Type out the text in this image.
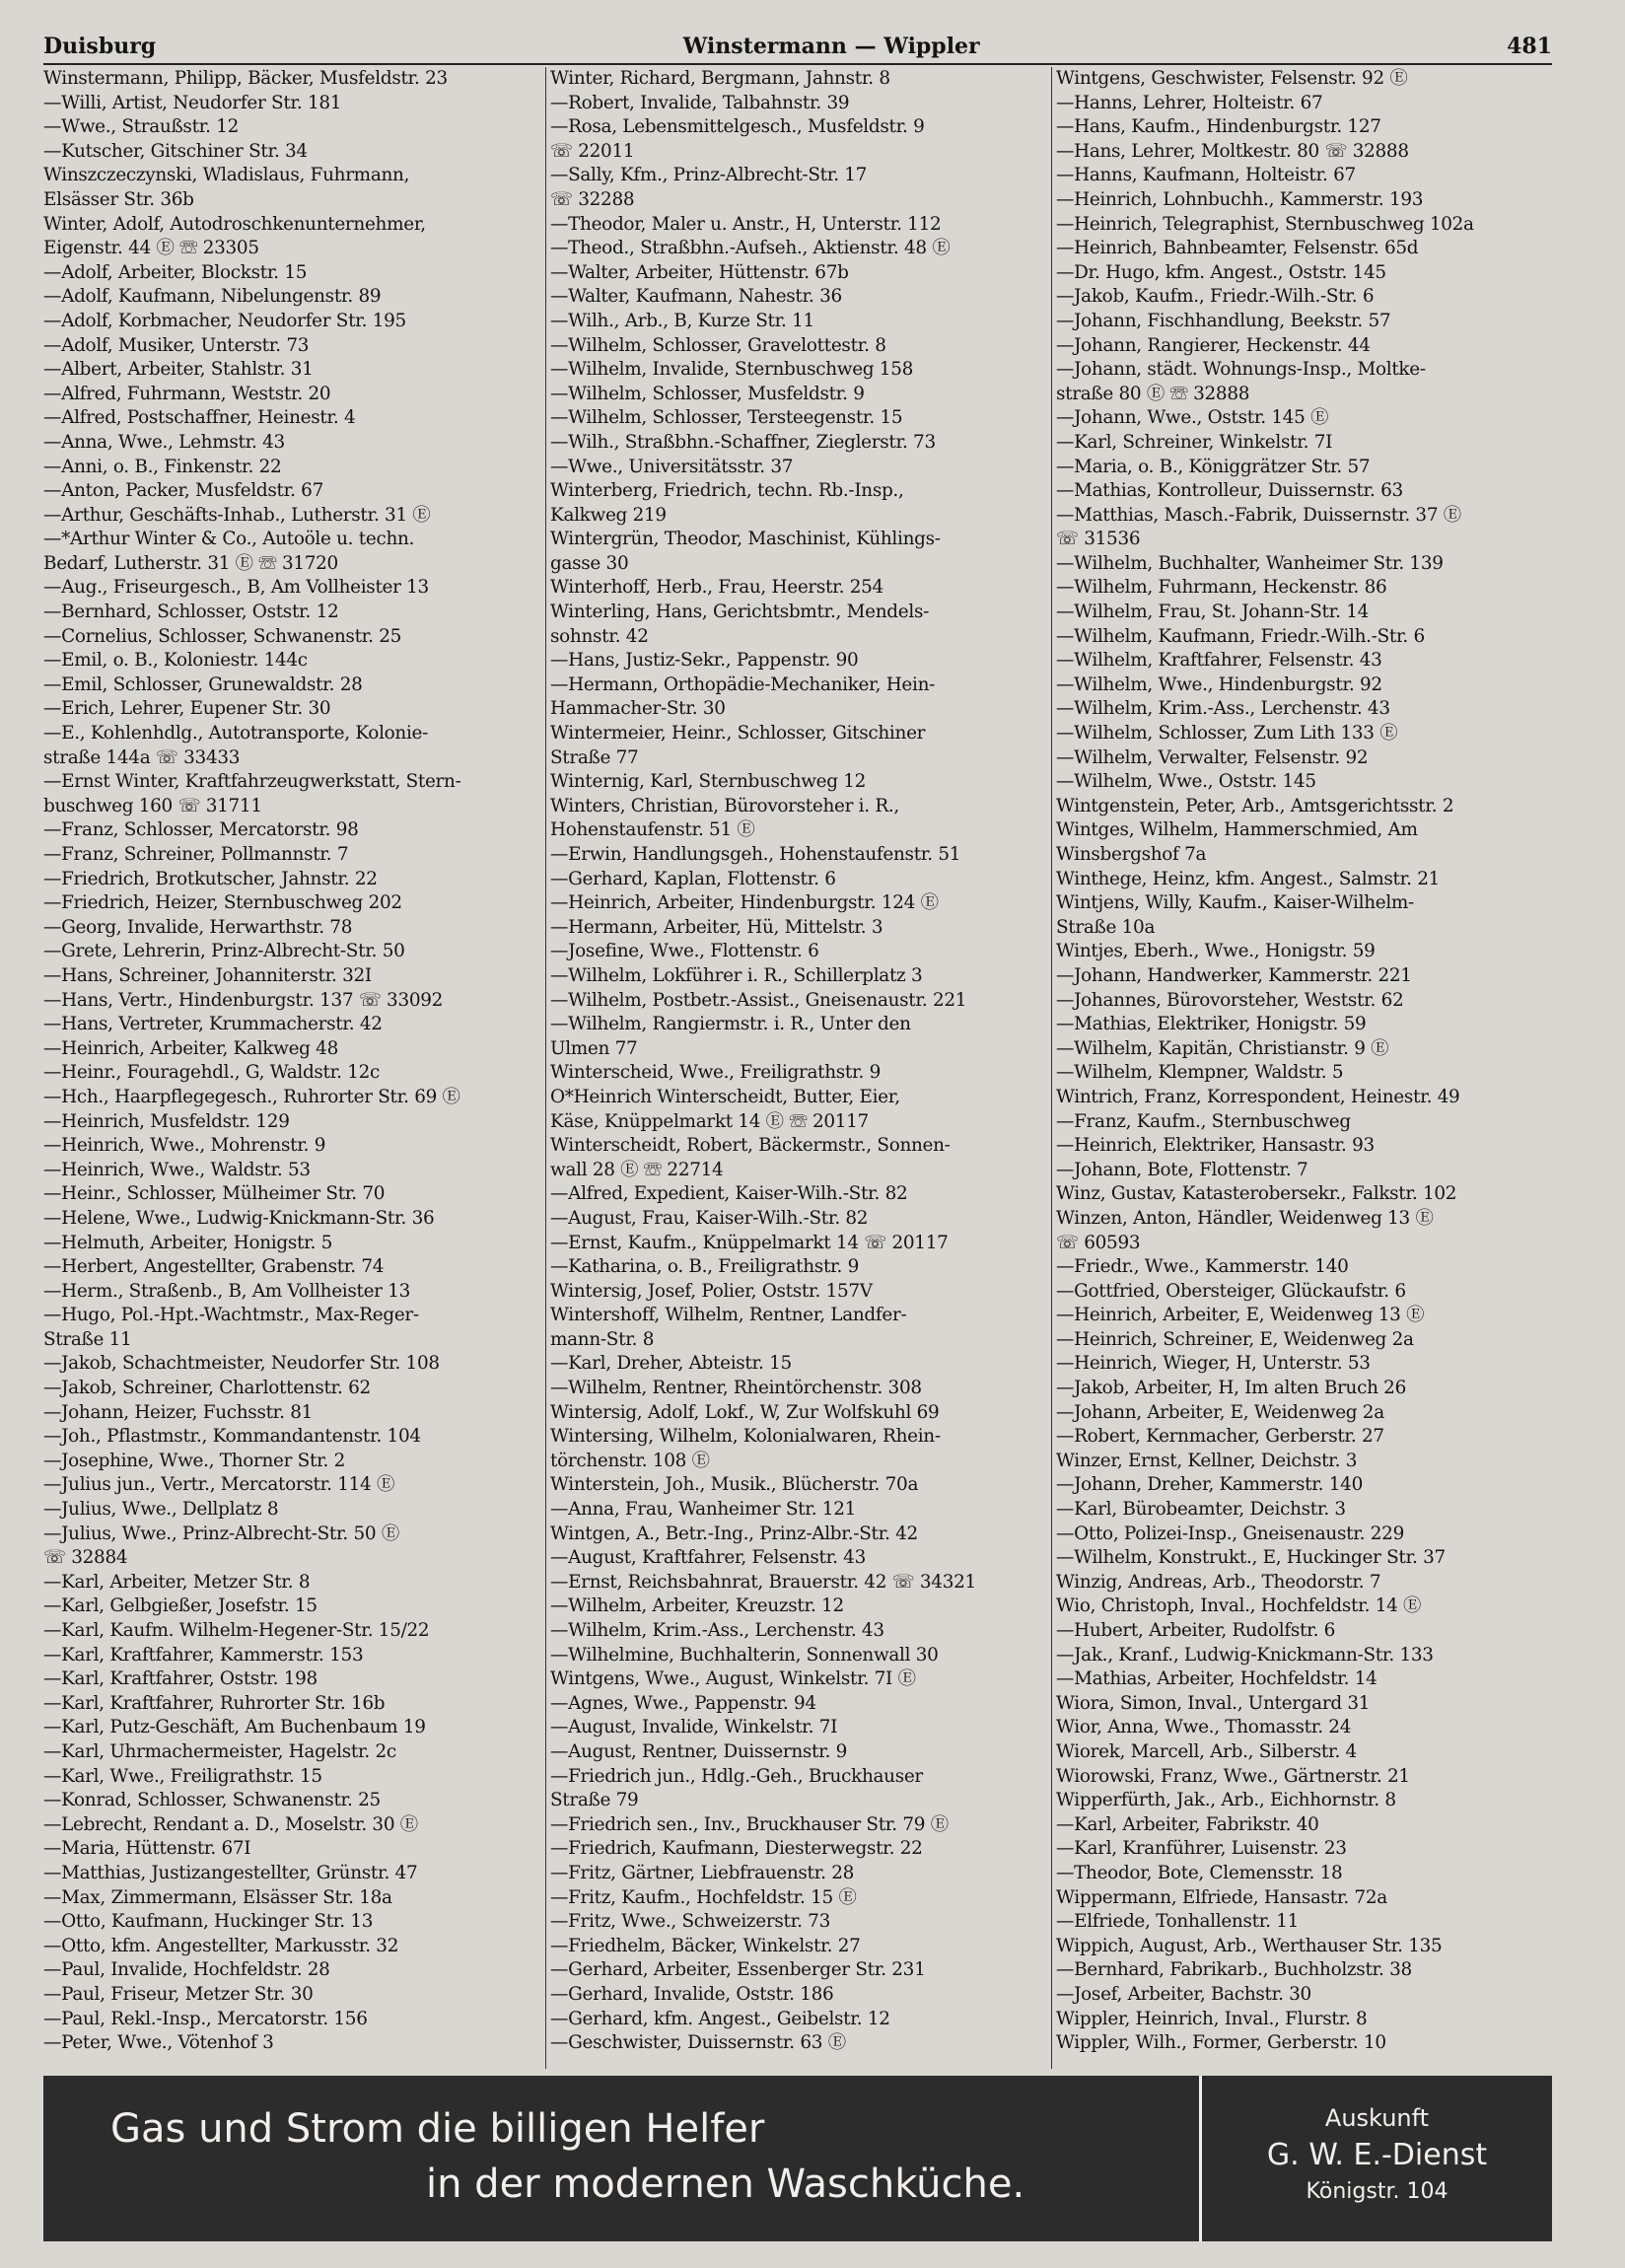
Duisburg	Winstermann — Wippler	481
Winstermann, Philipp, Bäcker, Musfeldstr. 23
—Willi, Artist, Neudorfer Str. 181
—Wwe., Straußstr. 12
—Kutscher, Gitschiner Str. 34
Winszczeczynski, Wladislaus, Fuhrmann,
Elsässer Str. 36b
Winter, Adolf, Autodroschkenunternehmer,
Eigenstr. 44 Ⓔ ☏ 23305
—Adolf, Arbeiter, Blockstr. 15
—Adolf, Kaufmann, Nibelungenstr. 89
—Adolf, Korbmacher, Neudorfer Str. 195
—Adolf, Musiker, Unterstr. 73
—Albert, Arbeiter, Stahlstr. 31
—Alfred, Fuhrmann, Weststr. 20
—Alfred, Postschaffner, Heinestr. 4
—Anna, Wwe., Lehmstr. 43
—Anni, o. B., Finkenstr. 22
—Anton, Packer, Musfeldstr. 67
—Arthur, Geschäfts-Inhab., Lutherstr. 31 Ⓔ
—*Arthur Winter & Co., Autoöle u. techn.
Bedarf, Lutherstr. 31 Ⓔ ☏ 31720
—Aug., Friseurgesch., B, Am Vollheister 13
—Bernhard, Schlosser, Oststr. 12
—Cornelius, Schlosser, Schwanenstr. 25
—Emil, o. B., Koloniestr. 144c
—Emil, Schlosser, Grunewaldstr. 28
—Erich, Lehrer, Eupener Str. 30
—E., Kohlenhdlg., Autotransporte, Kolonie-
straße 144a ☏ 33433
—Ernst Winter, Kraftfahrzeugwerkstatt, Stern-
buschweg 160 ☏ 31711
—Franz, Schlosser, Mercatorstr. 98
—Franz, Schreiner, Pollmannstr. 7
—Friedrich, Brotkutscher, Jahnstr. 22
—Friedrich, Heizer, Sternbuschweg 202
—Georg, Invalide, Herwarthstr. 78
—Grete, Lehrerin, Prinz-Albrecht-Str. 50
—Hans, Schreiner, Johanniterstr. 32I
—Hans, Vertr., Hindenburgstr. 137 ☏ 33092
—Hans, Vertreter, Krummacherstr. 42
—Heinrich, Arbeiter, Kalkweg 48
—Heinr., Fouragehdl., G, Waldstr. 12c
—Hch., Haarpflegegesch., Ruhrorter Str. 69 Ⓔ
—Heinrich, Musfeldstr. 129
—Heinrich, Wwe., Mohrenstr. 9
—Heinrich, Wwe., Waldstr. 53
—Heinr., Schlosser, Mülheimer Str. 70
—Helene, Wwe., Ludwig-Knickmann-Str. 36
—Helmuth, Arbeiter, Honigstr. 5
—Herbert, Angestellter, Grabenstr. 74
—Herm., Straßenb., B, Am Vollheister 13
—Hugo, Pol.-Hpt.-Wachtmstr., Max-Reger-
Straße 11
—Jakob, Schachtmeister, Neudorfer Str. 108
—Jakob, Schreiner, Charlottenstr. 62
—Johann, Heizer, Fuchsstr. 81
—Joh., Pflastmstr., Kommandantenstr. 104
—Josephine, Wwe., Thorner Str. 2
—Julius jun., Vertr., Mercatorstr. 114 Ⓔ
—Julius, Wwe., Dellplatz 8
—Julius, Wwe., Prinz-Albrecht-Str. 50 Ⓔ
☏ 32884
—Karl, Arbeiter, Metzer Str. 8
—Karl, Gelbgießer, Josefstr. 15
—Karl, Kaufm. Wilhelm-Hegener-Str. 15/22
—Karl, Kraftfahrer, Kammerstr. 153
—Karl, Kraftfahrer, Oststr. 198
—Karl, Kraftfahrer, Ruhrorter Str. 16b
—Karl, Putz-Geschäft, Am Buchenbaum 19
—Karl, Uhrmachermeister, Hagelstr. 2c
—Karl, Wwe., Freiligrathstr. 15
—Konrad, Schlosser, Schwanenstr. 25
—Lebrecht, Rendant a. D., Moselstr. 30 Ⓔ
—Maria, Hüttenstr. 67I
—Matthias, Justizangestellter, Grünstr. 47
—Max, Zimmermann, Elsässer Str. 18a
—Otto, Kaufmann, Huckinger Str. 13
—Otto, kfm. Angestellter, Markusstr. 32
—Paul, Invalide, Hochfeldstr. 28
—Paul, Friseur, Metzer Str. 30
—Paul, Rekl.-Insp., Mercatorstr. 156
—Peter, Wwe., Vötenhof 3
Winter, Richard, Bergmann, Jahnstr. 8
—Robert, Invalide, Talbahnstr. 39
—Rosa, Lebensmittelgesch., Musfeldstr. 9
☏ 22011
—Sally, Kfm., Prinz-Albrecht-Str. 17
☏ 32288
—Theodor, Maler u. Anstr., H, Unterstr. 112
—Theod., Straßbhn.-Aufseh., Aktienstr. 48 Ⓔ
—Walter, Arbeiter, Hüttenstr. 67b
—Walter, Kaufmann, Nahestr. 36
—Wilh., Arb., B, Kurze Str. 11
—Wilhelm, Schlosser, Gravelottestr. 8
—Wilhelm, Invalide, Sternbuschweg 158
—Wilhelm, Schlosser, Musfeldstr. 9
—Wilhelm, Schlosser, Tersteegenstr. 15
—Wilh., Straßbhn.-Schaffner, Zieglerstr. 73
—Wwe., Universitätsstr. 37
Winterberg, Friedrich, techn. Rb.-Insp.,
Kalkweg 219
Wintergrün, Theodor, Maschinist, Kühlings-
gasse 30
Winterhoff, Herb., Frau, Heerstr. 254
Winterling, Hans, Gerichtsbmtr., Mendels-
sohnstr. 42
—Hans, Justiz-Sekr., Pappenstr. 90
—Hermann, Orthopädie-Mechaniker, Hein-
Hammacher-Str. 30
Wintermeier, Heinr., Schlosser, Gitschiner
Straße 77
Winternig, Karl, Sternbuschweg 12
Winters, Christian, Bürovorsteher i. R.,
Hohenstaufenstr. 51 Ⓔ
—Erwin, Handlungsgeh., Hohenstaufenstr. 51
—Gerhard, Kaplan, Flottenstr. 6
—Heinrich, Arbeiter, Hindenburgstr. 124 Ⓔ
—Hermann, Arbeiter, Hü, Mittelstr. 3
—Josefine, Wwe., Flottenstr. 6
—Wilhelm, Lokführer i. R., Schillerplatz 3
—Wilhelm, Postbetr.-Assist., Gneisenaustr. 221
—Wilhelm, Rangiermstr. i. R., Unter den
Ulmen 77
Winterscheid, Wwe., Freiligrathstr. 9
O*Heinrich Winterscheidt, Butter, Eier,
Käse, Knüppelmarkt 14 Ⓔ ☏ 20117
Winterscheidt, Robert, Bäckermstr., Sonnen-
wall 28 Ⓔ ☏ 22714
—Alfred, Expedient, Kaiser-Wilh.-Str. 82
—August, Frau, Kaiser-Wilh.-Str. 82
—Ernst, Kaufm., Knüppelmarkt 14 ☏ 20117
—Katharina, o. B., Freiligrathstr. 9
Wintersig, Josef, Polier, Oststr. 157V
Wintershoff, Wilhelm, Rentner, Landfer-
mann-Str. 8
—Karl, Dreher, Abteistr. 15
—Wilhelm, Rentner, Rheintörchenstr. 308
Wintersig, Adolf, Lokf., W, Zur Wolfskuhl 69
Wintersing, Wilhelm, Kolonialwaren, Rhein-
törchenstr. 108 Ⓔ
Winterstein, Joh., Musik., Blücherstr. 70a
—Anna, Frau, Wanheimer Str. 121
Wintgen, A., Betr.-Ing., Prinz-Albr.-Str. 42
—August, Kraftfahrer, Felsenstr. 43
—Ernst, Reichsbahnrat, Brauerstr. 42 ☏ 34321
—Wilhelm, Arbeiter, Kreuzstr. 12
—Wilhelm, Krim.-Ass., Lerchenstr. 43
—Wilhelmine, Buchhalterin, Sonnenwall 30
Wintgens, Wwe., August, Winkelstr. 7I Ⓔ
—Agnes, Wwe., Pappenstr. 94
—August, Invalide, Winkelstr. 7I
—August, Rentner, Duissernstr. 9
—Friedrich jun., Hdlg.-Geh., Bruckhauser
Straße 79
—Friedrich sen., Inv., Bruckhauser Str. 79 Ⓔ
—Friedrich, Kaufmann, Diesterwegstr. 22
—Fritz, Gärtner, Liebfrauenstr. 28
—Fritz, Kaufm., Hochfeldstr. 15 Ⓔ
—Fritz, Wwe., Schweizerstr. 73
—Friedhelm, Bäcker, Winkelstr. 27
—Gerhard, Arbeiter, Essenberger Str. 231
—Gerhard, Invalide, Oststr. 186
—Gerhard, kfm. Angest., Geibelstr. 12
—Geschwister, Duissernstr. 63 Ⓔ
Wintgens, Geschwister, Felsenstr. 92 Ⓔ
—Hanns, Lehrer, Holteistr. 67
—Hans, Kaufm., Hindenburgstr. 127
—Hans, Lehrer, Moltkestr. 80 ☏ 32888
—Hanns, Kaufmann, Holteistr. 67
—Heinrich, Lohnbuchh., Kammerstr. 193
—Heinrich, Telegraphist, Sternbuschweg 102a
—Heinrich, Bahnbeamter, Felsenstr. 65d
—Dr. Hugo, kfm. Angest., Oststr. 145
—Jakob, Kaufm., Friedr.-Wilh.-Str. 6
—Johann, Fischhandlung, Beekstr. 57
—Johann, Rangierer, Heckenstr. 44
—Johann, städt. Wohnungs-Insp., Moltke-
straße 80 Ⓔ ☏ 32888
—Johann, Wwe., Oststr. 145 Ⓔ
—Karl, Schreiner, Winkelstr. 7I
—Maria, o. B., Königgrätzer Str. 57
—Mathias, Kontrolleur, Duissernstr. 63
—Matthias, Masch.-Fabrik, Duissernstr. 37 Ⓔ
☏ 31536
—Wilhelm, Buchhalter, Wanheimer Str. 139
—Wilhelm, Fuhrmann, Heckenstr. 86
—Wilhelm, Frau, St. Johann-Str. 14
—Wilhelm, Kaufmann, Friedr.-Wilh.-Str. 6
—Wilhelm, Kraftfahrer, Felsenstr. 43
—Wilhelm, Wwe., Hindenburgstr. 92
—Wilhelm, Krim.-Ass., Lerchenstr. 43
—Wilhelm, Schlosser, Zum Lith 133 Ⓔ
—Wilhelm, Verwalter, Felsenstr. 92
—Wilhelm, Wwe., Oststr. 145
Wintgenstein, Peter, Arb., Amtsgerichtsstr. 2
Wintges, Wilhelm, Hammerschmied, Am
Winsbergshof 7a
Winthege, Heinz, kfm. Angest., Salmstr. 21
Wintjens, Willy, Kaufm., Kaiser-Wilhelm-
Straße 10a
Wintjes, Eberh., Wwe., Honigstr. 59
—Johann, Handwerker, Kammerstr. 221
—Johannes, Bürovorsteher, Weststr. 62
—Mathias, Elektriker, Honigstr. 59
—Wilhelm, Kapitän, Christianstr. 9 Ⓔ
—Wilhelm, Klempner, Waldstr. 5
Wintrich, Franz, Korrespondent, Heinestr. 49
—Franz, Kaufm., Sternbuschweg
—Heinrich, Elektriker, Hansastr. 93
—Johann, Bote, Flottenstr. 7
Winz, Gustav, Katasterobersekr., Falkstr. 102
Winzen, Anton, Händler, Weidenweg 13 Ⓔ
☏ 60593
—Friedr., Wwe., Kammerstr. 140
—Gottfried, Obersteiger, Glückaufstr. 6
—Heinrich, Arbeiter, E, Weidenweg 13 Ⓔ
—Heinrich, Schreiner, E, Weidenweg 2a
—Heinrich, Wieger, H, Unterstr. 53
—Jakob, Arbeiter, H, Im alten Bruch 26
—Johann, Arbeiter, E, Weidenweg 2a
—Robert, Kernmacher, Gerberstr. 27
Winzer, Ernst, Kellner, Deichstr. 3
—Johann, Dreher, Kammerstr. 140
—Karl, Bürobeamter, Deichstr. 3
—Otto, Polizei-Insp., Gneisenaustr. 229
—Wilhelm, Konstrukt., E, Huckinger Str. 37
Winzig, Andreas, Arb., Theodorstr. 7
Wio, Christoph, Inval., Hochfeldstr. 14 Ⓔ
—Hubert, Arbeiter, Rudolfstr. 6
—Jak., Kranf., Ludwig-Knickmann-Str. 133
—Mathias, Arbeiter, Hochfeldstr. 14
Wiora, Simon, Inval., Untergard 31
Wior, Anna, Wwe., Thomasstr. 24
Wiorek, Marcell, Arb., Silberstr. 4
Wiorowski, Franz, Wwe., Gärtnerstr. 21
Wipperfürth, Jak., Arb., Eichhornstr. 8
—Karl, Arbeiter, Fabrikstr. 40
—Karl, Kranführer, Luisenstr. 23
—Theodor, Bote, Clemensstr. 18
Wippermann, Elfriede, Hansastr. 72a
—Elfriede, Tonhallenstr. 11
Wippich, August, Arb., Werthauser Str. 135
—Bernhard, Fabrikarb., Buchholzstr. 38
—Josef, Arbeiter, Bachstr. 30
Wippler, Heinrich, Inval., Flurstr. 8
Wippler, Wilh., Former, Gerberstr. 10
Gas und Strom die billigen Helfer
in der modernen Waschküche.
Auskunft
G. W. E.-Dienst
Königstr. 104
